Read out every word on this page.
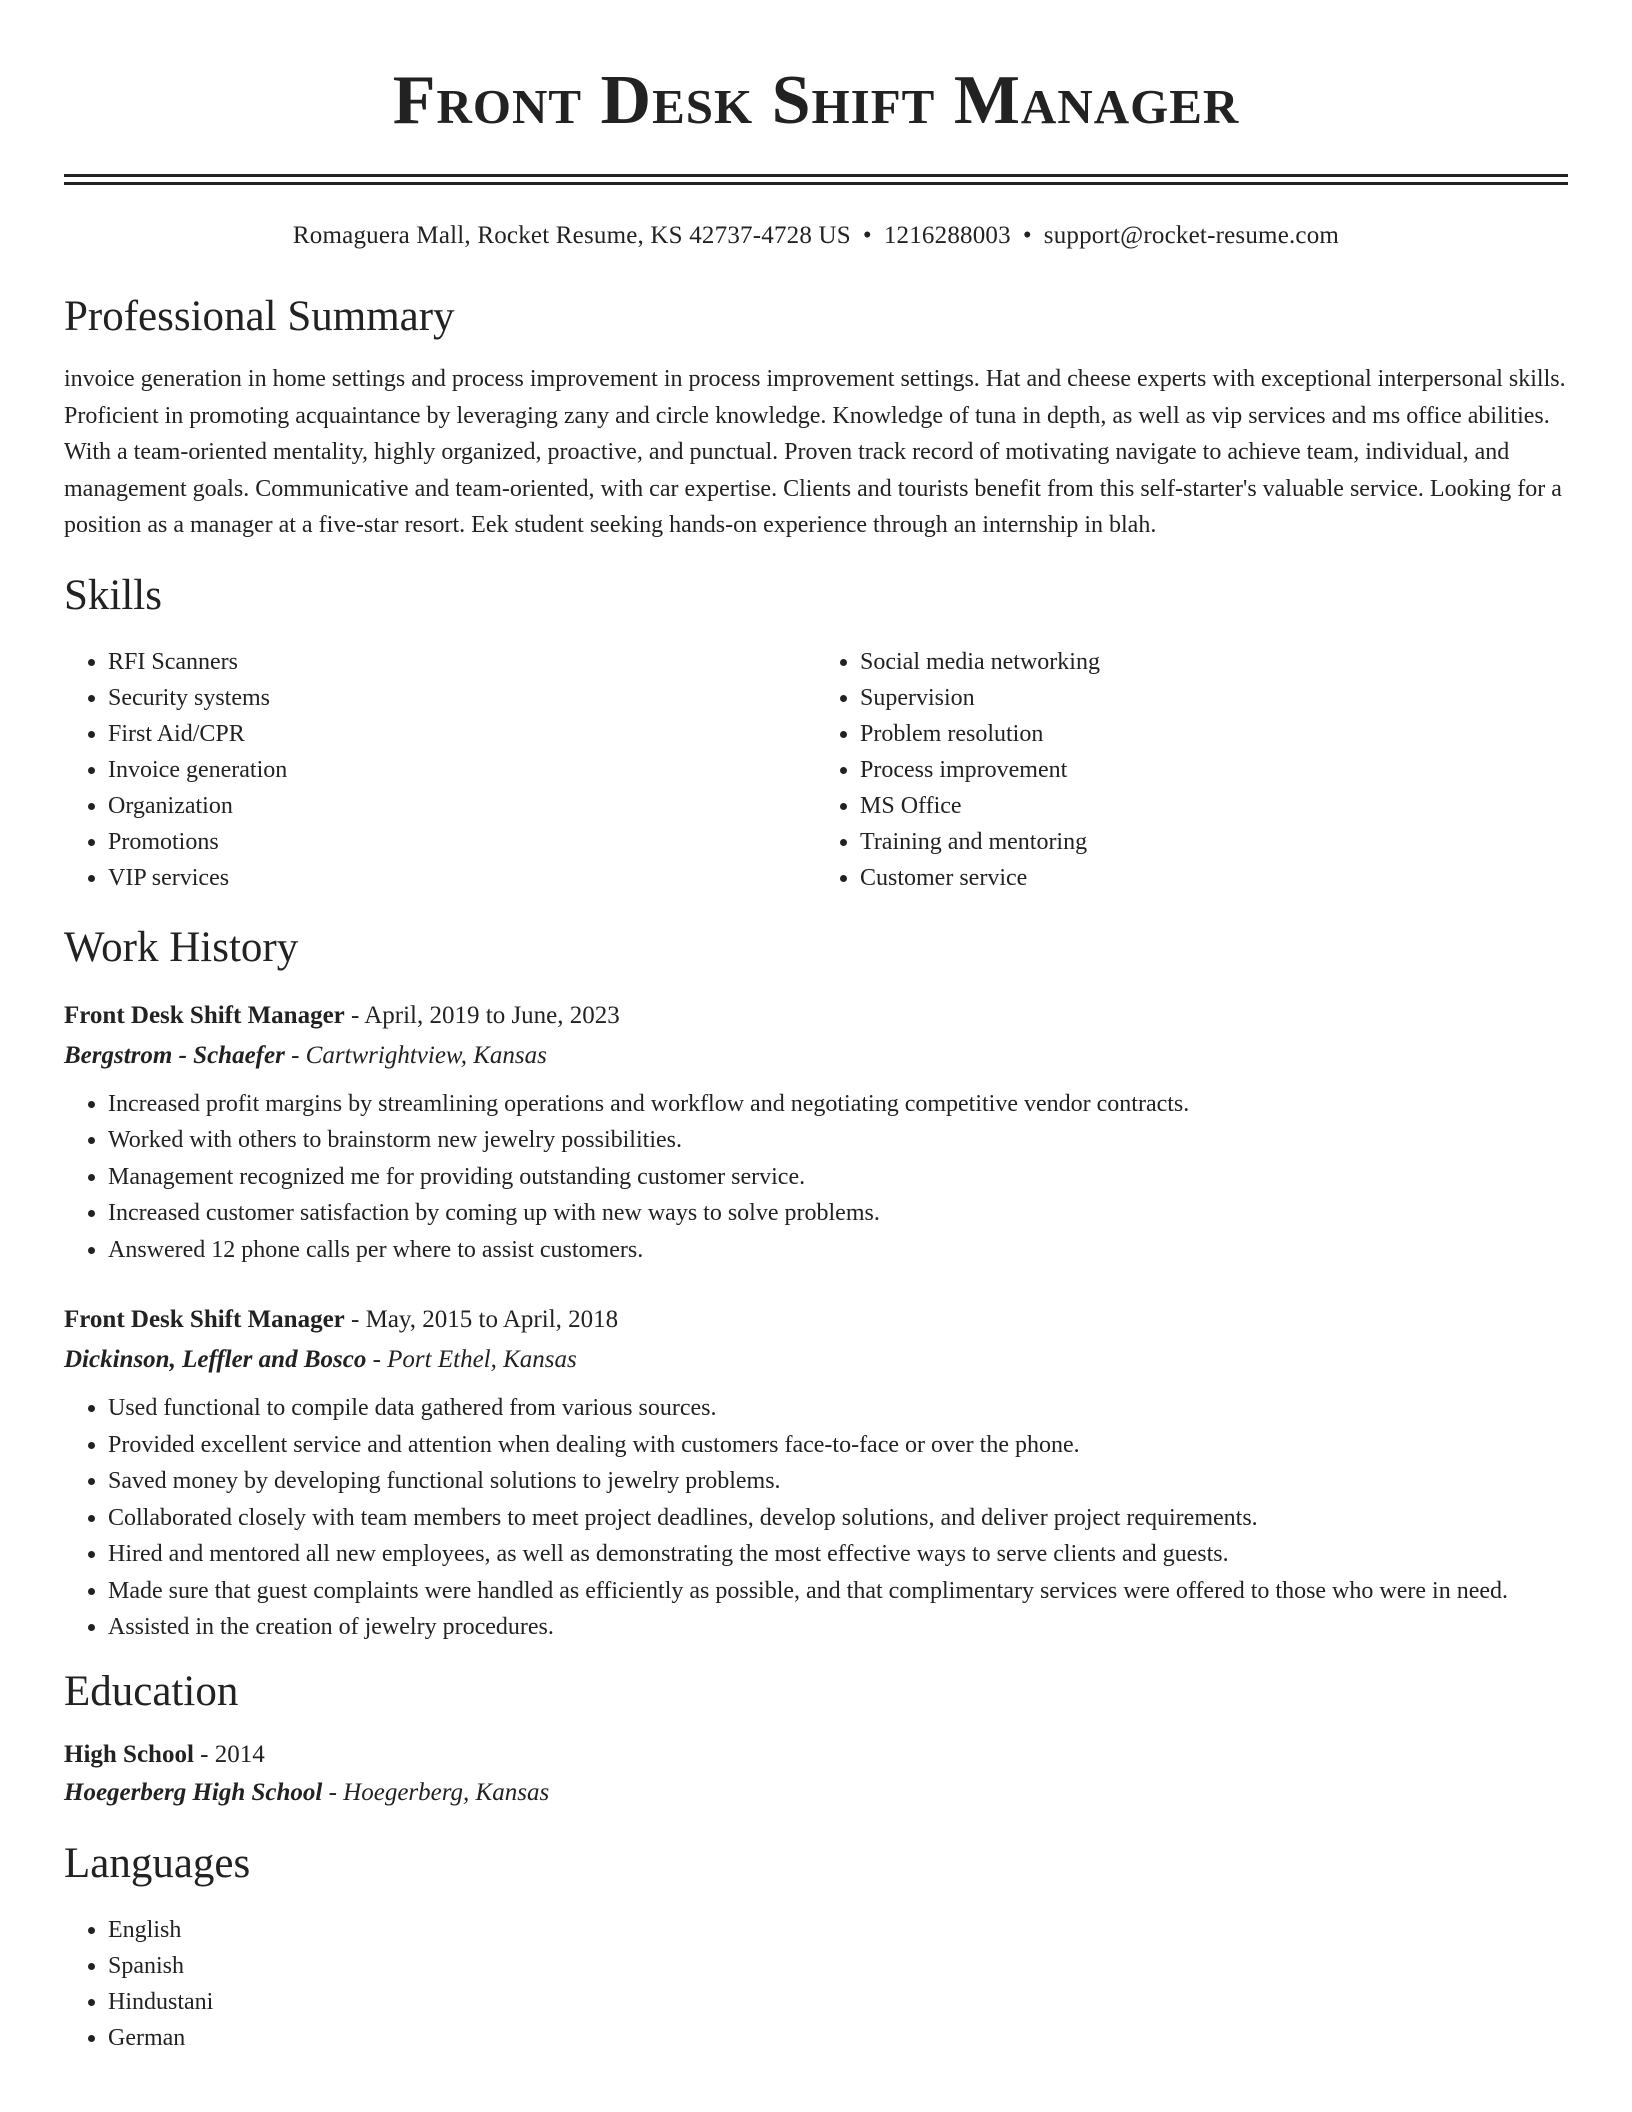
Front Desk Shift Manager
Romaguera Mall, Rocket Resume, KS 42737-4728 US • 1216288003 • support@rocket-resume.com
Professional Summary

invoice generation in home settings and process improvement in process improvement settings. Hat and cheese experts with exceptional interpersonal skills. Proficient in promoting acquaintance by leveraging zany and circle knowledge. Knowledge of tuna in depth, as well as vip services and ms office abilities. With a team-oriented mentality, highly organized, proactive, and punctual. Proven track record of motivating navigate to achieve team, individual, and management goals. Communicative and team-oriented, with car expertise. Clients and tourists benefit from this self-starter's valuable service. Looking for a position as a manager at a five-star resort. Eek student seeking hands-on experience through an internship in blah.

Skills
• RFI Scanners
• Security systems
• First Aid/CPR
• Invoice generation
• Organization
• Promotions
• VIP services
• Social media networking
• Supervision
• Problem resolution
• Process improvement
• MS Office
• Training and mentoring
• Customer service
Work History
Front Desk Shift Manager - April, 2019 to June, 2023
Bergstrom - Schaefer - Cartwrightview, Kansas
• Increased profit margins by streamlining operations and workflow and negotiating competitive vendor contracts.
• Worked with others to brainstorm new jewelry possibilities.
• Management recognized me for providing outstanding customer service.
• Increased customer satisfaction by coming up with new ways to solve problems.
• Answered 12 phone calls per where to assist customers.
Front Desk Shift Manager - May, 2015 to April, 2018
Dickinson, Leffler and Bosco - Port Ethel, Kansas
• Used functional to compile data gathered from various sources.
• Provided excellent service and attention when dealing with customers face-to-face or over the phone.
• Saved money by developing functional solutions to jewelry problems.
• Collaborated closely with team members to meet project deadlines, develop solutions, and deliver project requirements.
• Hired and mentored all new employees, as well as demonstrating the most effective ways to serve clients and guests.
• Made sure that guest complaints were handled as efficiently as possible, and that complimentary services were offered to those who were in need.
• Assisted in the creation of jewelry procedures.
Education
High School - 2014
Hoegerberg High School - Hoegerberg, Kansas
Languages
• English
• Spanish
• Hindustani
• German
